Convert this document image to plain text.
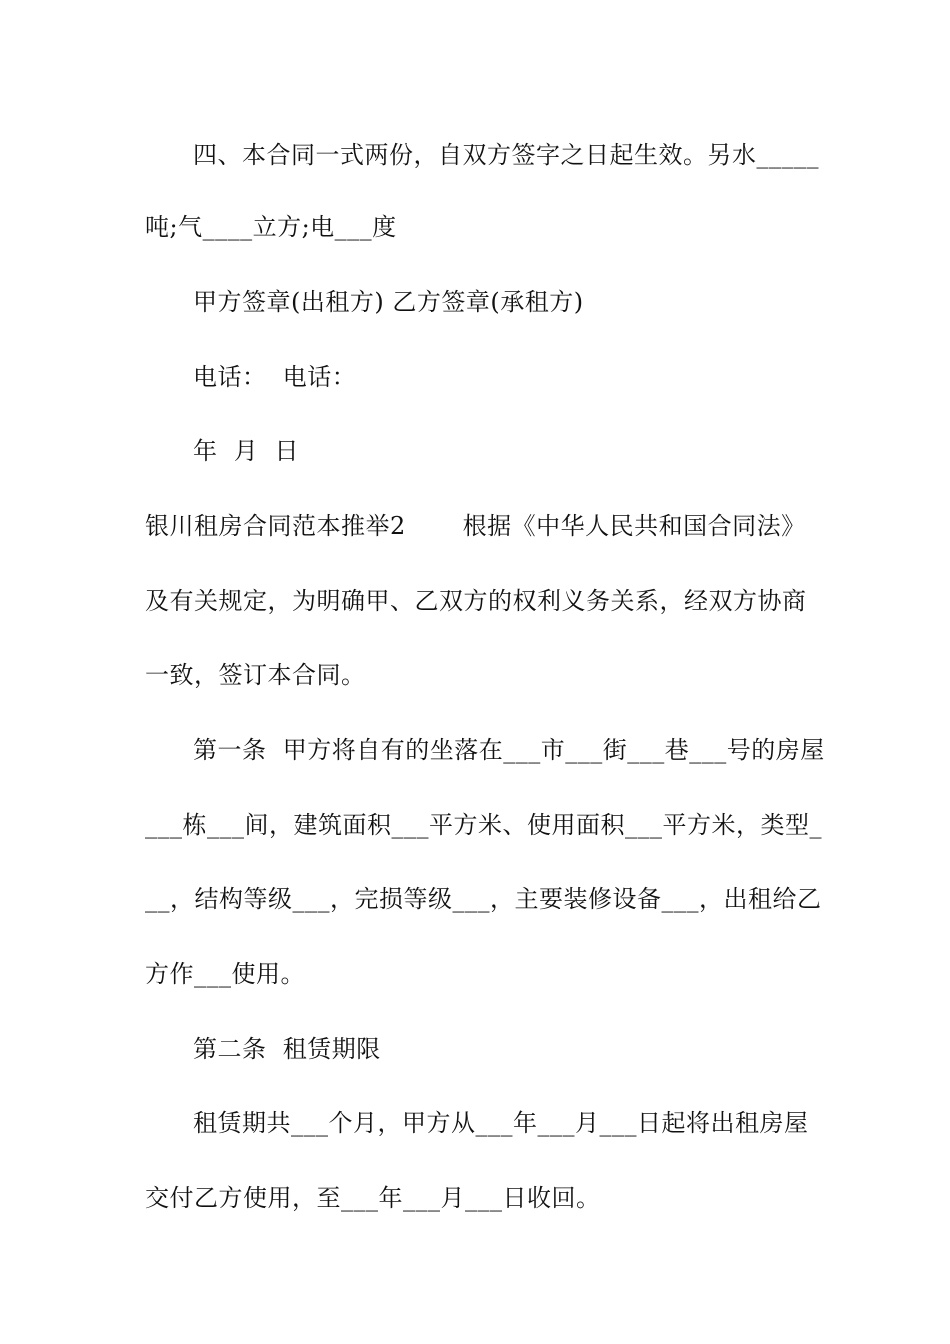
四、本合同一式两份，自双方签字之日起生效。另水_____
吨;气____立方;电___度
甲方签章(出租方) 乙方签章(承租方)
电话：  电话：
年  月  日
银川租房合同范本推举2       根据《中华人民共和国合同法》
及有关规定，为明确甲、乙双方的权利义务关系，经双方协商
一致，签订本合同。
第一条  甲方将自有的坐落在___市___街___巷___号的房屋
___栋___间，建筑面积___平方米、使用面积___平方米，类型_
__，结构等级___，完损等级___，主要装修设备___，出租给乙
方作___使用。
第二条  租赁期限
租赁期共___个月，甲方从___年___月___日起将出租房屋
交付乙方使用，至___年___月___日收回。
